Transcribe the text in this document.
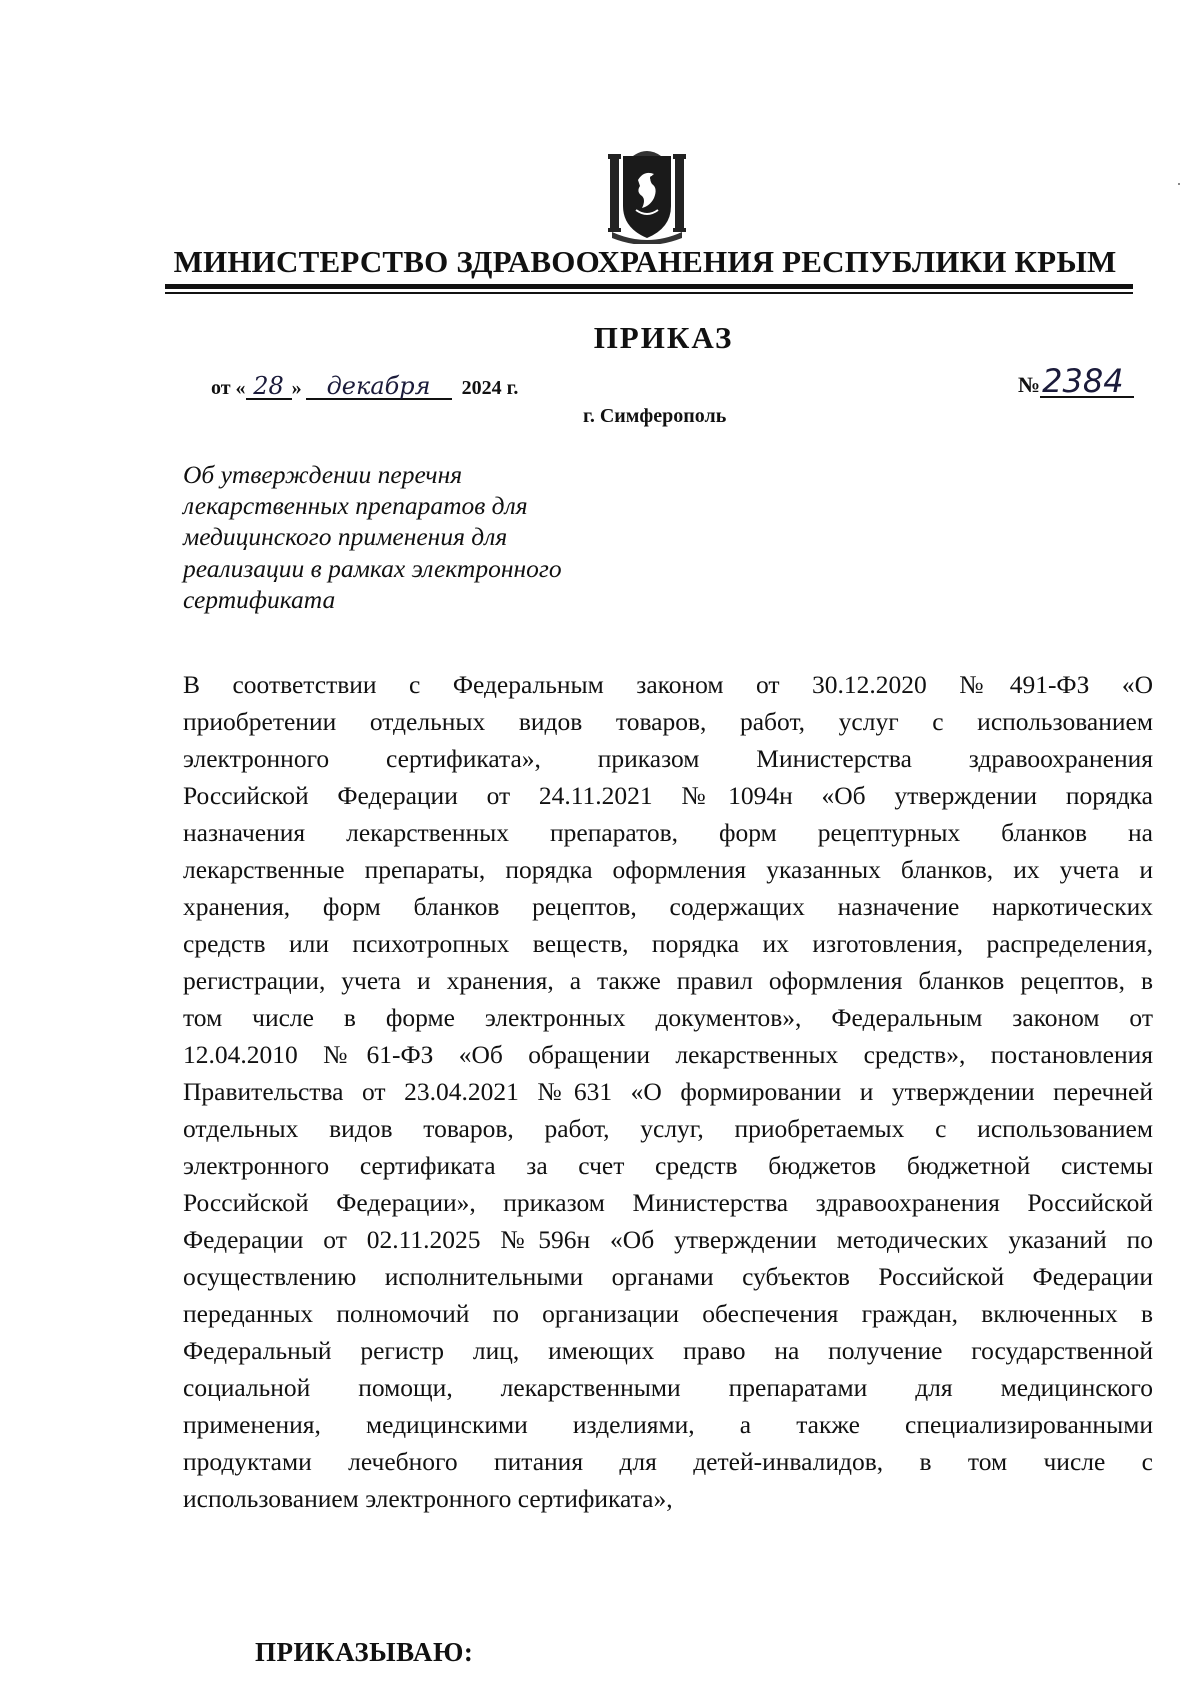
МИНИСТЕРСТВО ЗДРАВООХРАНЕНИЯ РЕСПУБЛИКИ КРЫМ
ПРИКАЗ
от « 28 » декабря 2024 г.	№2384
г. Симферополь
Об утверждении перечня
лекарственных препаратов для
медицинского применения для
реализации в рамках электронного
сертификата
В соответствии с Федеральным законом от 30.12.2020 №491-ФЗ «О
приобретении отдельных видов товаров, работ, услуг с использованием
электронного сертификата», приказом Министерства здравоохранения
Российской Федерации от 24.11.2021 №1094н «Об утверждении порядка
назначения лекарственных препаратов, форм рецептурных бланков на
лекарственные препараты, порядка оформления указанных бланков, их учета и
хранения, форм бланков рецептов, содержащих назначение наркотических
средств или психотропных веществ, порядка их изготовления, распределения,
регистрации, учета и хранения, а также правил оформления бланков рецептов, в
том числе в форме электронных документов», Федеральным законом от
12.04.2010 №61-ФЗ «Об обращении лекарственных средств», постановления
Правительства от 23.04.2021 №631 «О формировании и утверждении перечней
отдельных видов товаров, работ, услуг, приобретаемых с использованием
электронного сертификата за счет средств бюджетов бюджетной системы
Российской Федерации», приказом Министерства здравоохранения Российской
Федерации от 02.11.2025 №596н «Об утверждении методических указаний по
осуществлению исполнительными органами субъектов Российской Федерации
переданных полномочий по организации обеспечения граждан, включенных в
Федеральный регистр лиц, имеющих право на получение государственной
социальной помощи, лекарственными препаратами для медицинского
применения, медицинскими изделиями, а также специализированными
продуктами лечебного питания для детей-инвалидов, в том числе с
использованием электронного сертификата»,
ПРИКАЗЫВАЮ:
